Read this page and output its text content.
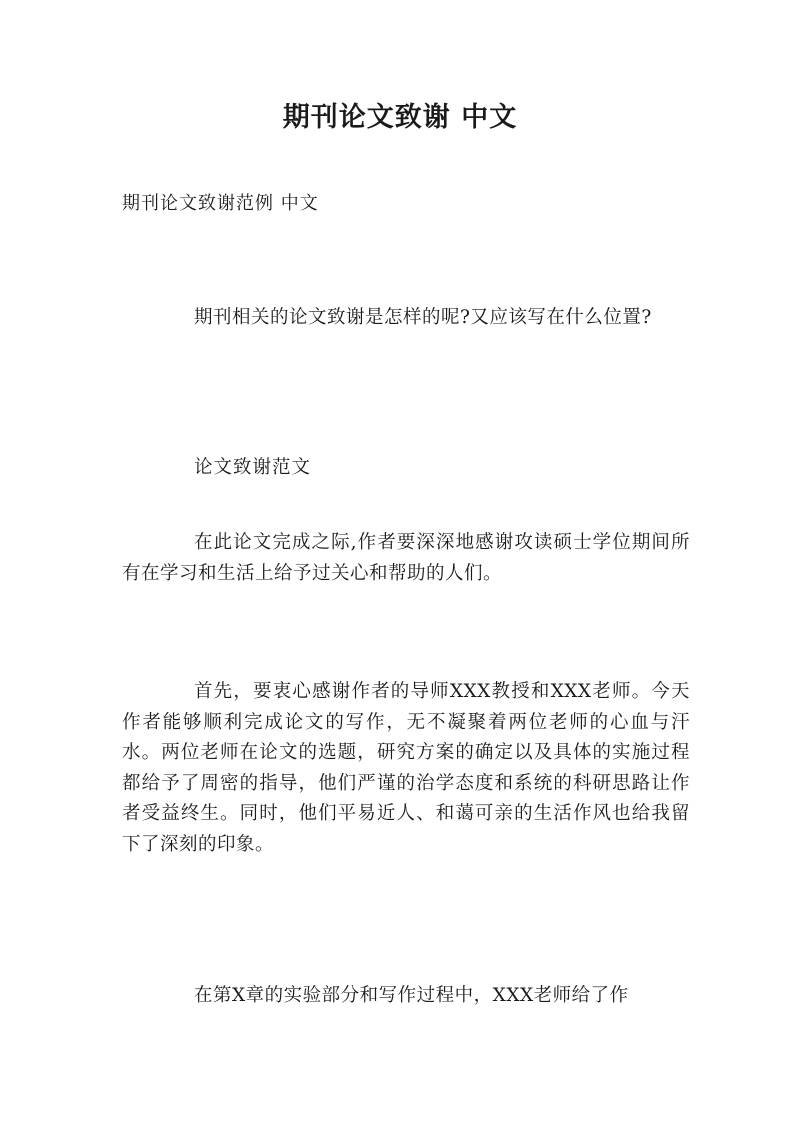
期刊论文致谢 中文

期刊论文致谢范例 中文

期刊相关的论文致谢是怎样的呢?又应该写在什么位置?

论文致谢范文

在此论文完成之际,作者要深深地感谢攻读硕士学位期间所有在学习和生活上给予过关心和帮助的人们。

首先，要衷心感谢作者的导师XXX教授和XXX老师。今天作者能够顺利完成论文的写作，无不凝聚着两位老师的心血与汗水。两位老师在论文的选题，研究方案的确定以及具体的实施过程都给予了周密的指导，他们严谨的治学态度和系统的科研思路让作者受益终生。同时，他们平易近人、和蔼可亲的生活作风也给我留下了深刻的印象。

在第X章的实验部分和写作过程中，XXX老师给了作
